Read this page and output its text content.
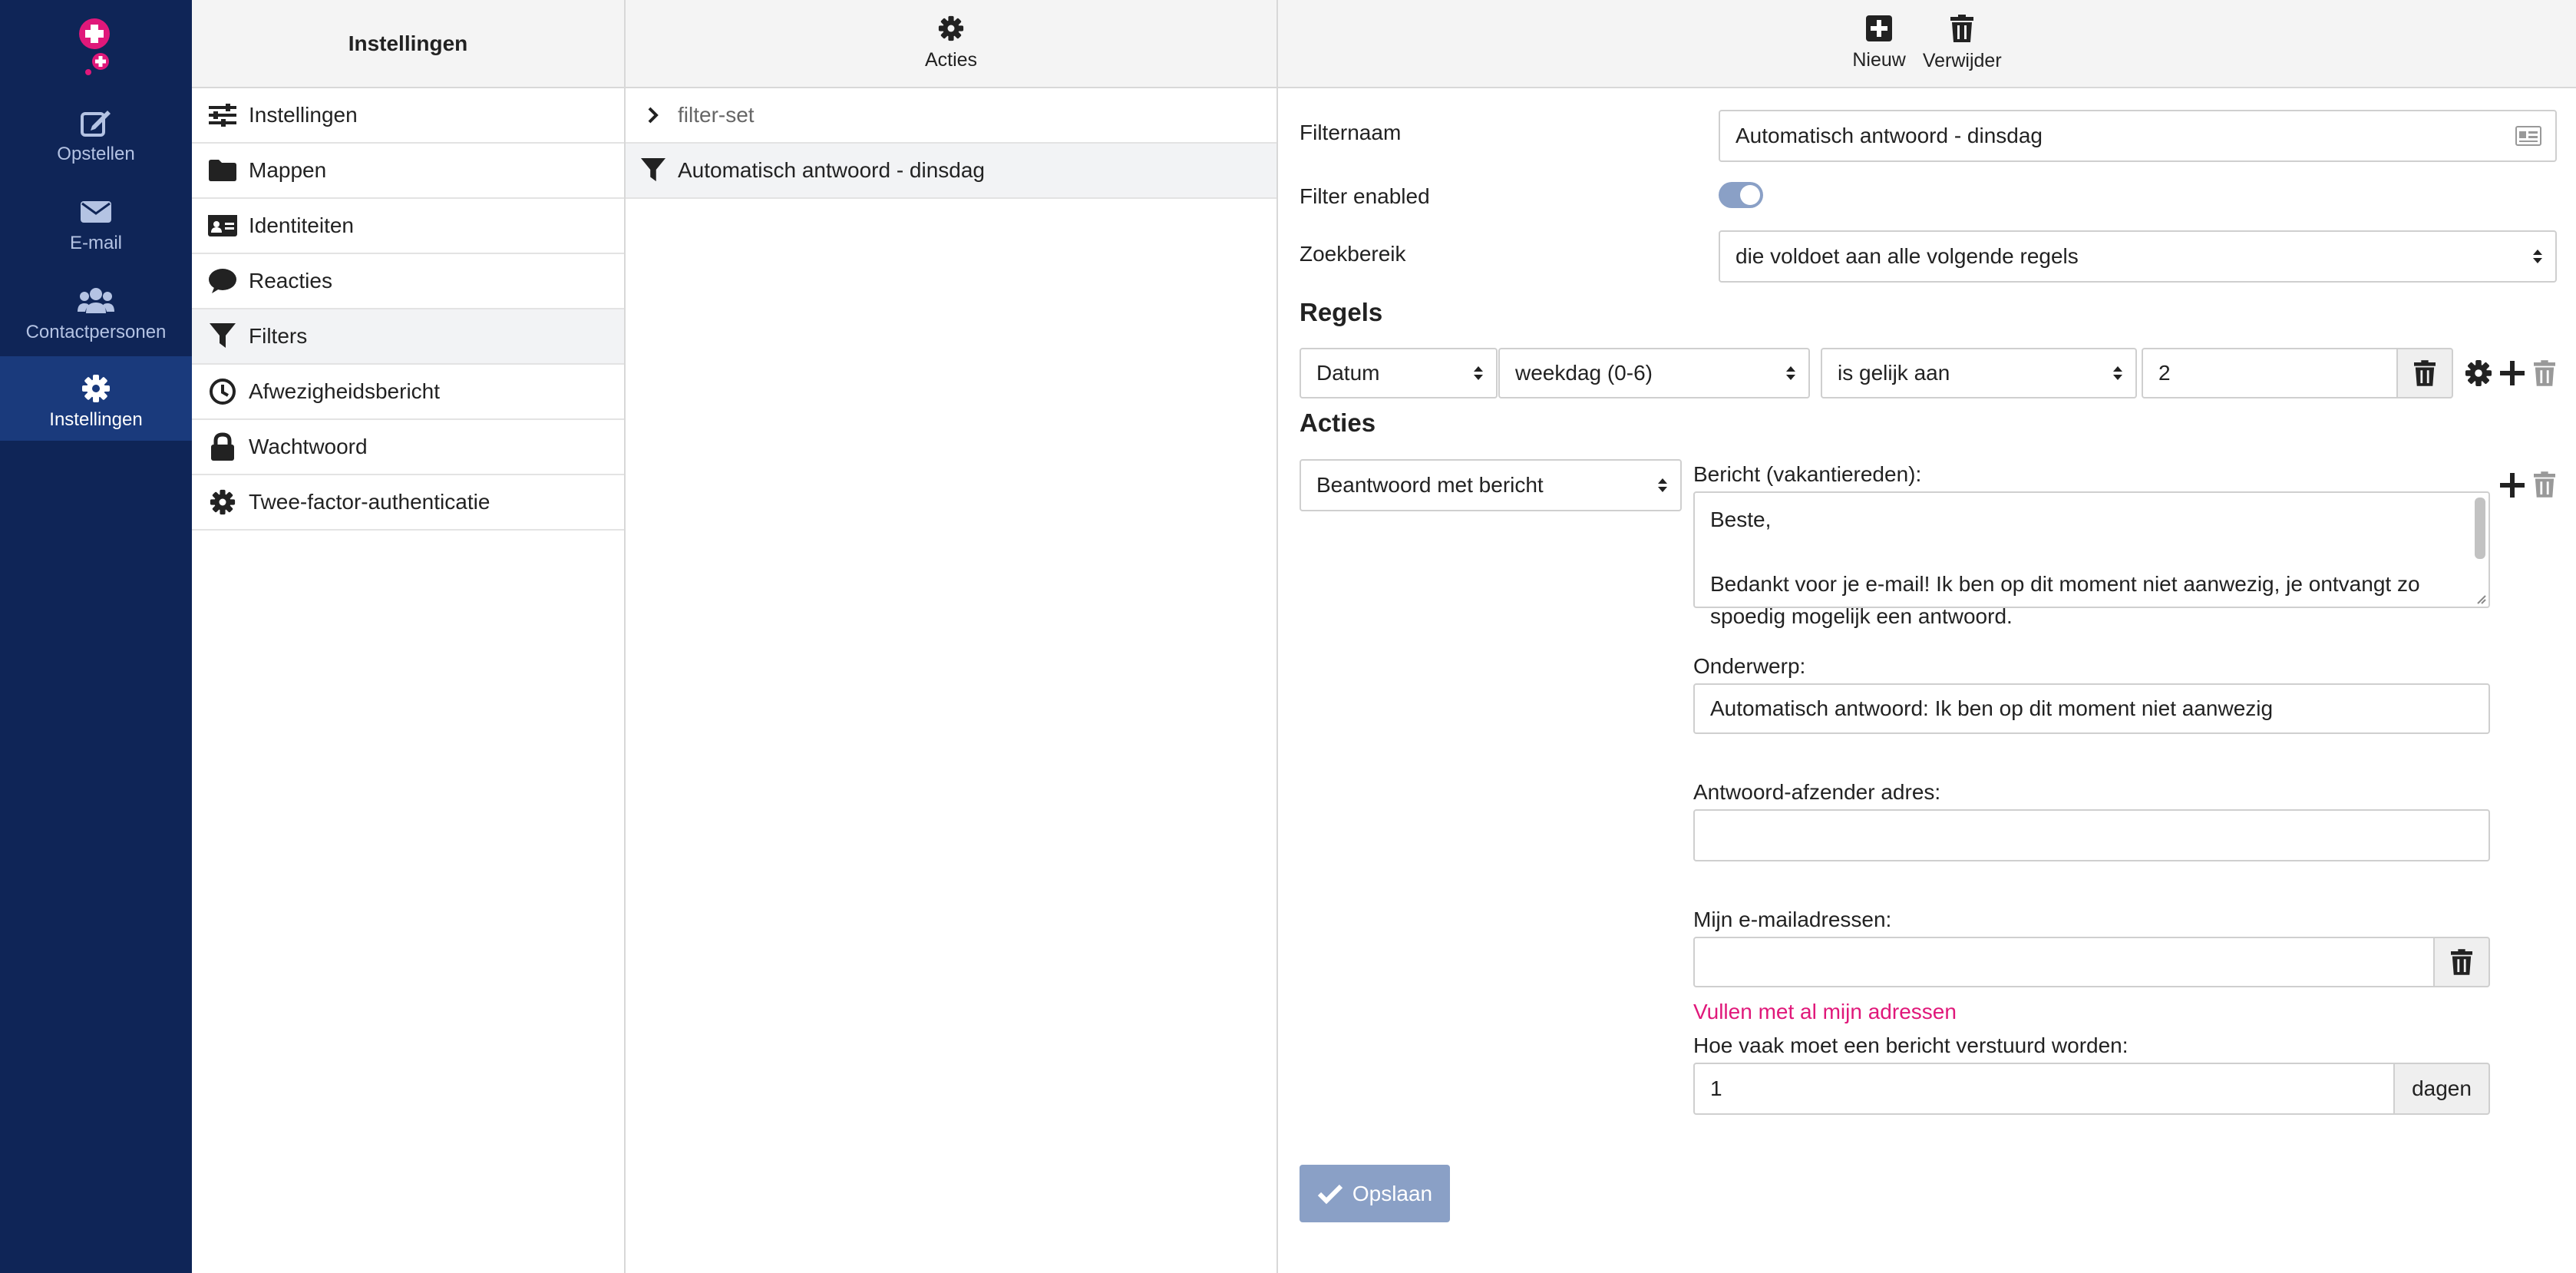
Opstellen
E-mail
Contactpersonen
Instellingen
Instellingen
Instellingen
Mappen
Identiteiten
Reacties
Filters
Afwezigheidsbericht
Wachtwoord
Twee-factor-authenticatie
Acties
filter-set
Automatisch antwoord - dinsdag
Nieuw Verwijder
Filternaam	Automatisch antwoord - dinsdag
Filter enabled
Zoekbereik	die voldoet aan alle volgende regels
Regels
Datum	weekdag (0-6)	is gelijk aan	2
Acties
Beantwoord met bericht	Bericht (vakantiereden):
Beste,

Bedankt voor je e-mail! Ik ben op dit moment niet aanwezig, je ontvangt zo spoedig mogelijk een antwoord.
Onderwerp:
Automatisch antwoord: Ik ben op dit moment niet aanwezig
Antwoord-afzender adres:
Mijn e-mailadressen:
Vullen met al mijn adressen
Hoe vaak moet een bericht verstuurd worden:
1	dagen
Opslaan
